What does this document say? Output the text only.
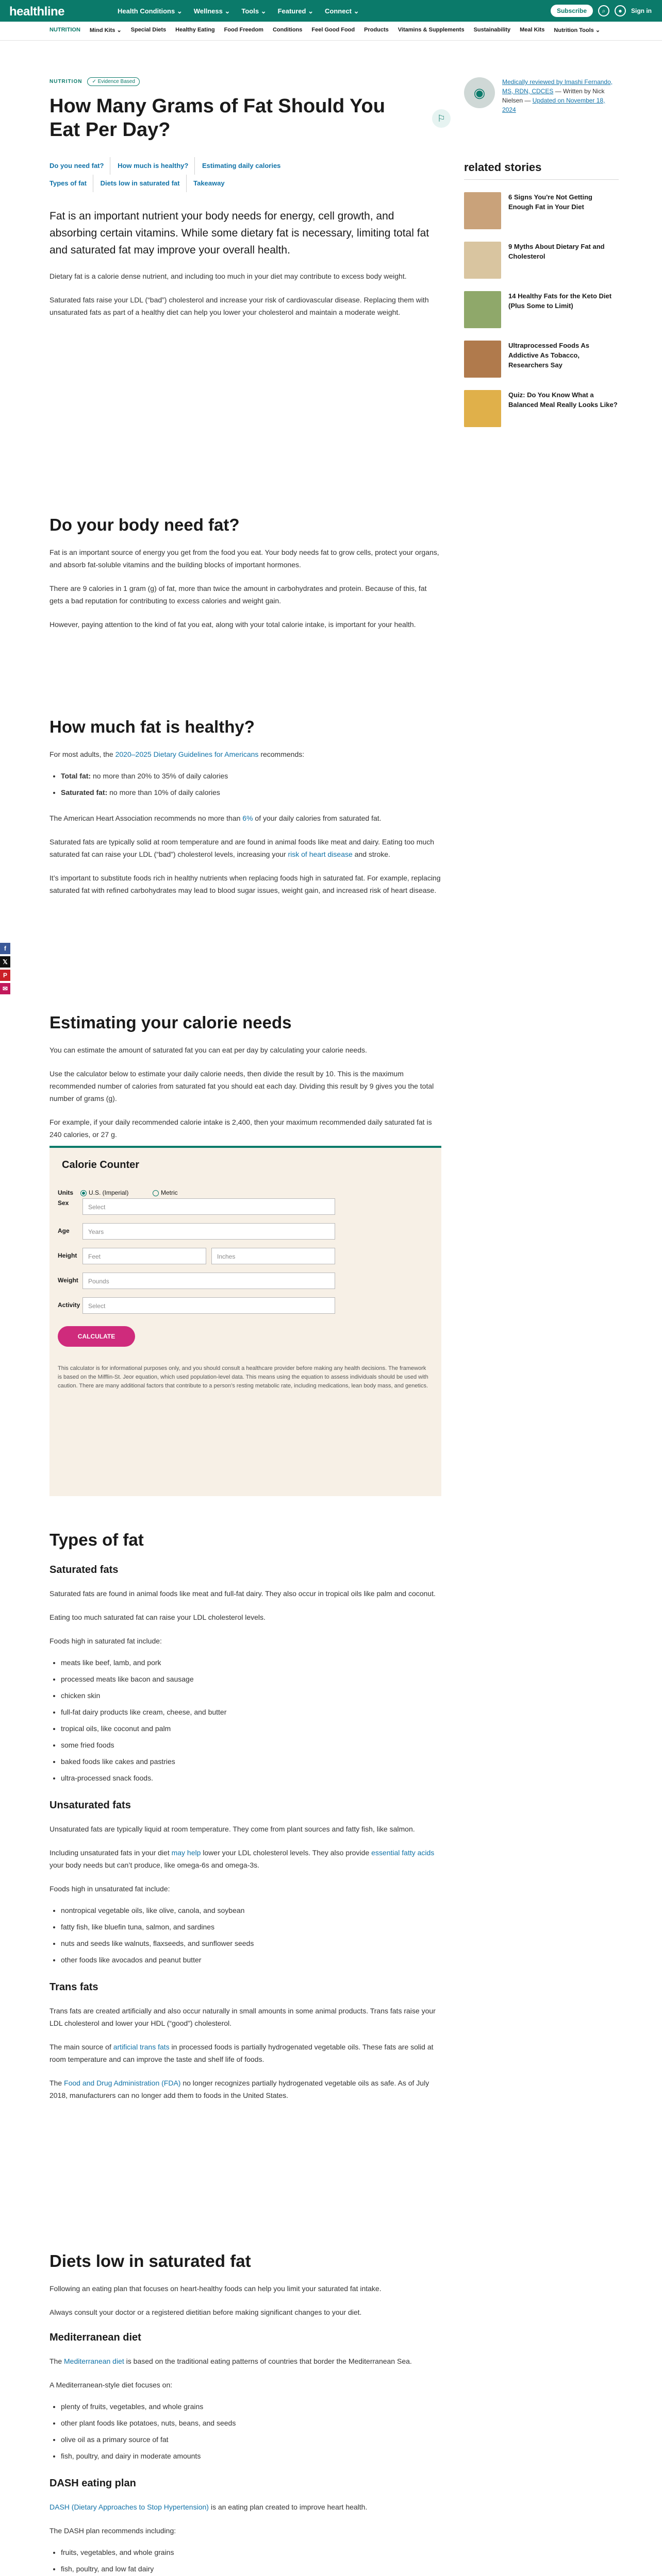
healthline	Health Conditions ⌄ Wellness ⌄ Tools ⌄ Featured ⌄ Connect ⌄	Subscribe	⌕	●	Sign in
NUTRITION Mind Kits ⌄ Special Diets Healthy Eating Food Freedom Conditions Feel Good Food Products Vitamins & Supplements Sustainability Meal Kits Nutrition Tools ⌄
f
𝕏
P
✉
NUTRITION	✓ Evidence Based
How Many Grams of Fat Should You Eat Per Day?
⚐
Do you need fat? How much is healthy? Estimating daily calories
Types of fat Diets low in saturated fat Takeaway
Fat is an important nutrient your body needs for energy, cell growth, and absorbing certain vitamins. While some dietary fat is necessary, limiting total fat and saturated fat may improve your overall health.

Dietary fat is a calorie dense nutrient, and including too much in your diet may contribute to excess body weight.

Saturated fats raise your LDL (“bad”) cholesterol and increase your risk of cardiovascular disease. Replacing them with unsaturated fats as part of a healthy diet can help you lower your cholesterol and maintain a moderate weight.

Do your body need fat?

Fat is an important source of energy you get from the food you eat. Your body needs fat to grow cells, protect your organs, and absorb fat-soluble vitamins and the building blocks of important hormones.

There are 9 calories in 1 gram (g) of fat, more than twice the amount in carbohydrates and protein. Because of this, fat gets a bad reputation for contributing to excess calories and weight gain.

However, paying attention to the kind of fat you eat, along with your total calorie intake, is important for your health.

How much fat is healthy?

For most adults, the 2020–2025 Dietary Guidelines for Americans recommends:

• Total fat: no more than 20% to 35% of daily calories
• Saturated fat: no more than 10% of daily calories

The American Heart Association recommends no more than 6% of your daily calories from saturated fat.

Saturated fats are typically solid at room temperature and are found in animal foods like meat and dairy. Eating too much saturated fat can raise your LDL (“bad”) cholesterol levels, increasing your risk of heart disease and stroke.

It’s important to substitute foods rich in healthy nutrients when replacing foods high in saturated fat. For example, replacing saturated fat with refined carbohydrates may lead to blood sugar issues, weight gain, and increased risk of heart disease.

Estimating your calorie needs

You can estimate the amount of saturated fat you can eat per day by calculating your calorie needs.

Use the calculator below to estimate your daily calorie needs, then divide the result by 10. This is the maximum recommended number of calories from saturated fat you should eat each day. Dividing this result by 9 gives you the total number of grams (g).

For example, if your daily recommended calorie intake is 2,400, then your maximum recommended daily saturated fat is 240 calories, or 27 g.

Calorie Counter
Units	U.S. (Imperial)	Metric
Sex
Select
Age	Years
Height	Feet	Inches
Weight	Pounds
Activity	Select
CALCULATE
This calculator is for informational purposes only, and you should consult a healthcare provider before making any health decisions. The framework is based on the Mifflin-St. Jeor equation, which used population-level data. This means using the equation to assess individuals should be used with caution. There are many additional factors that contribute to a person’s resting metabolic rate, including medications, lean body mass, and genetics.
Types of fat
Saturated fats

Saturated fats are found in animal foods like meat and full-fat dairy. They also occur in tropical oils like palm and coconut.

Eating too much saturated fat can raise your LDL cholesterol levels.

Foods high in saturated fat include:

• meats like beef, lamb, and pork
• processed meats like bacon and sausage
• chicken skin
• full-fat dairy products like cream, cheese, and butter
• tropical oils, like coconut and palm
• some fried foods
• baked foods like cakes and pastries
• ultra-processed snack foods.
Unsaturated fats

Unsaturated fats are typically liquid at room temperature. They come from plant sources and fatty fish, like salmon.

Including unsaturated fats in your diet may help lower your LDL cholesterol levels. They also provide essential fatty acids your body needs but can’t produce, like omega-6s and omega-3s.

Foods high in unsaturated fat include:

• nontropical vegetable oils, like olive, canola, and soybean
• fatty fish, like bluefin tuna, salmon, and sardines
• nuts and seeds like walnuts, flaxseeds, and sunflower seeds
• other foods like avocados and peanut butter
Trans fats

Trans fats are created artificially and also occur naturally in small amounts in some animal products. Trans fats raise your LDL cholesterol and lower your HDL (“good”) cholesterol.

The main source of artificial trans fats in processed foods is partially hydrogenated vegetable oils. These fats are solid at room temperature and can improve the taste and shelf life of foods.

The Food and Drug Administration (FDA) no longer recognizes partially hydrogenated vegetable oils as safe. As of July 2018, manufacturers can no longer add them to foods in the United States.

Diets low in saturated fat

Following an eating plan that focuses on heart-healthy foods can help you limit your saturated fat intake.

Always consult your doctor or a registered dietitian before making significant changes to your diet.

Mediterranean diet

The Mediterranean diet is based on the traditional eating patterns of countries that border the Mediterranean Sea.

A Mediterranean-style diet focuses on:

• plenty of fruits, vegetables, and whole grains
• other plant foods like potatoes, nuts, beans, and seeds
• olive oil as a primary source of fat
• fish, poultry, and dairy in moderate amounts
DASH eating plan

DASH (Dietary Approaches to Stop Hypertension) is an eating plan created to improve heart health.

The DASH plan recommends including:

• fruits, vegetables, and whole grains
• fish, poultry, and low fat dairy

◉
Medically reviewed by Imashi Fernando, MS, RDN, CDCES — Written by Nick Nielsen — Updated on November 18, 2024
related stories
6 Signs You're Not Getting Enough Fat in Your Diet
9 Myths About Dietary Fat and Cholesterol
14 Healthy Fats for the Keto Diet (Plus Some to Limit)
Ultraprocessed Foods As Addictive As Tobacco, Researchers Say
Quiz: Do You Know What a Balanced Meal Really Looks Like?
